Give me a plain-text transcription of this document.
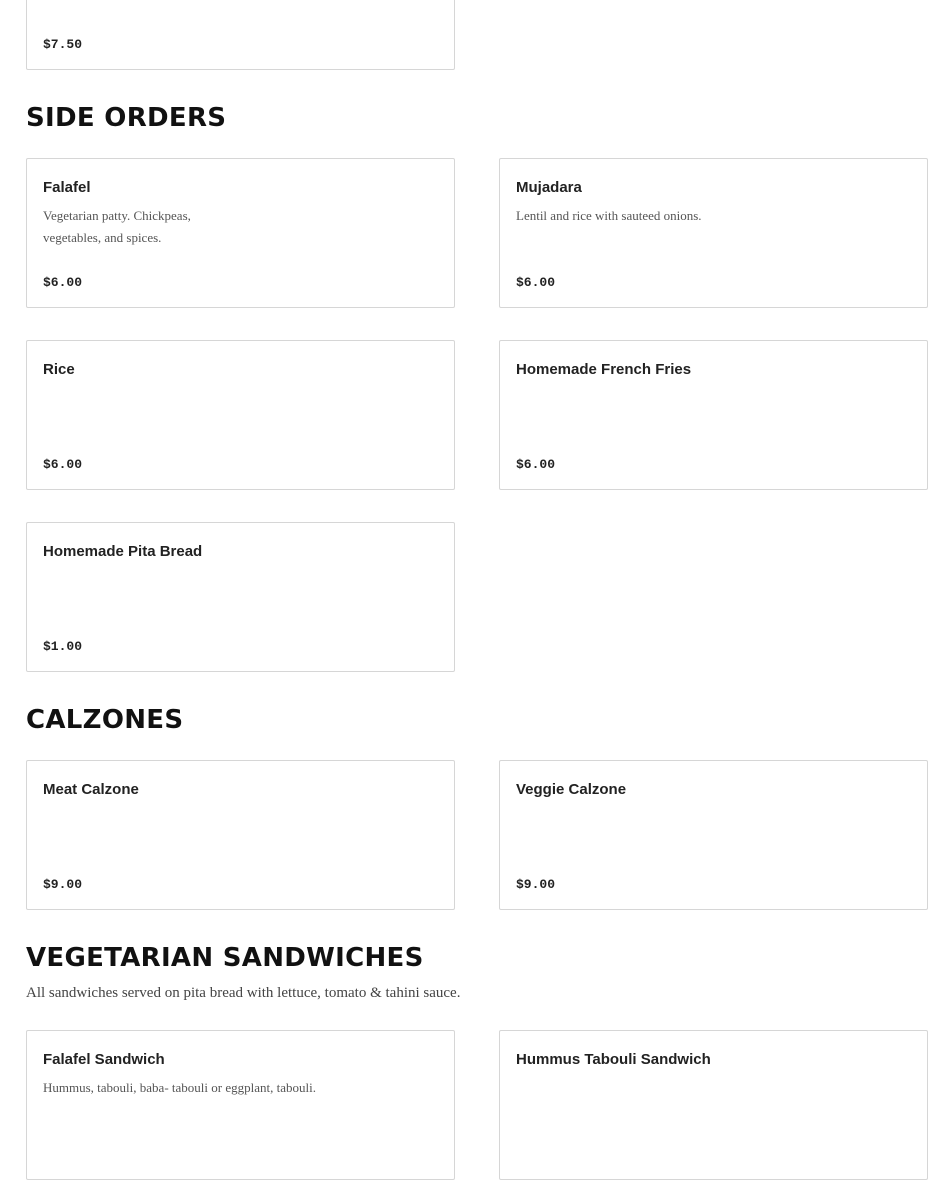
$7.50
SIDE ORDERS
Falafel
Vegetarian patty. Chickpeas,
vegetables, and spices.
$6.00
Mujadara
Lentil and rice with sauteed onions.
$6.00
Rice
$6.00
Homemade French Fries
$6.00
Homemade Pita Bread
$1.00
CALZONES
Meat Calzone
$9.00
Veggie Calzone
$9.00
VEGETARIAN SANDWICHES
All sandwiches served on pita bread with lettuce, tomato & tahini sauce.
Falafel Sandwich
Hummus, tabouli, baba- tabouli or eggplant, tabouli.
Hummus Tabouli Sandwich
